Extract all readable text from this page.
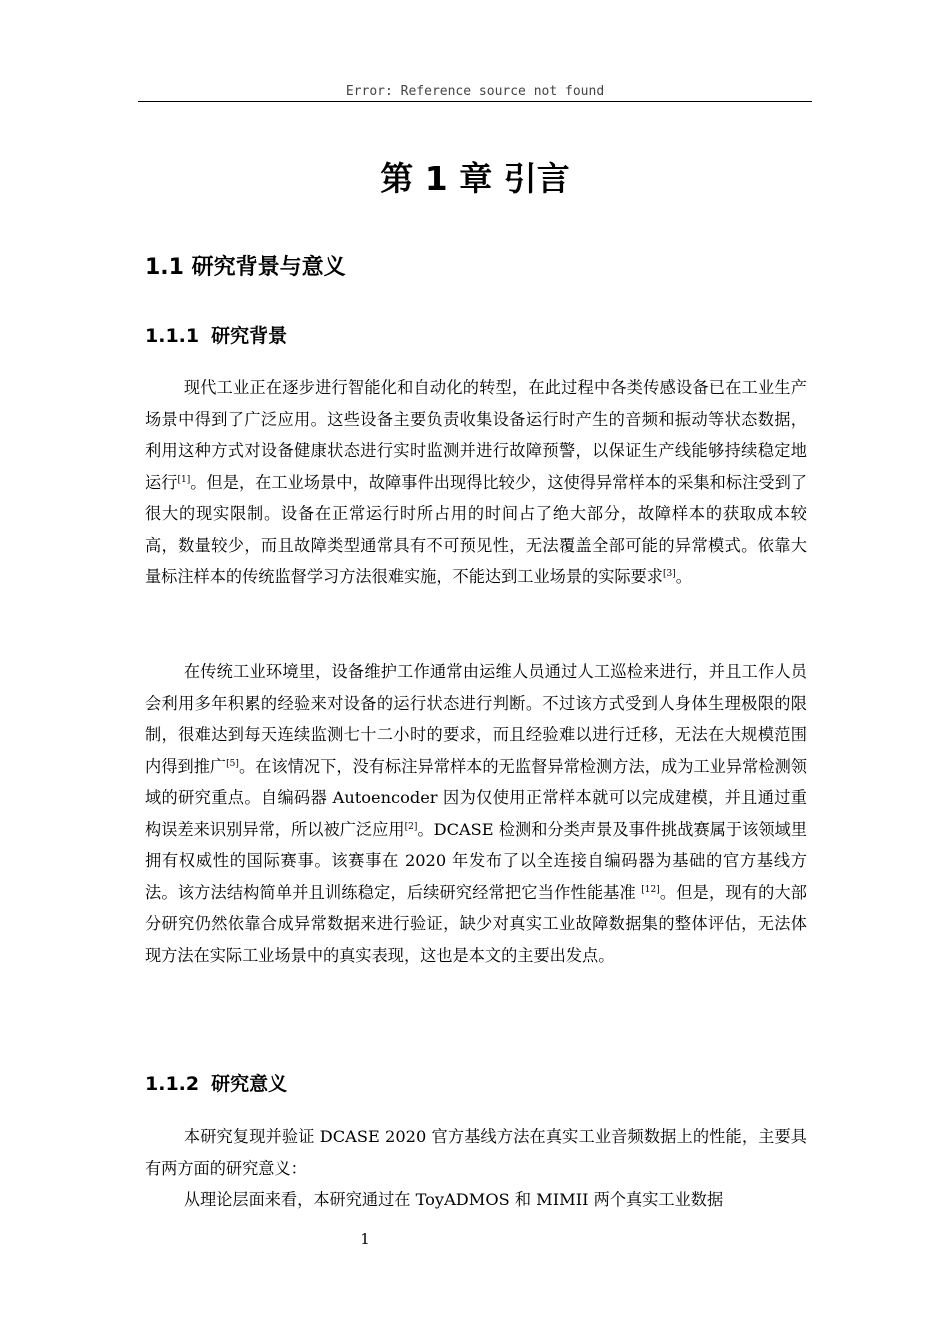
Error: Reference source not found
第 1 章 引言
1.1 研究背景与意义
1.1.1 研究背景

现代工业正在逐步进行智能化和自动化的转型，在此过程中各类传感设备已在工业生产场景中得到了广泛应用。这些设备主要负责收集设备运行时产生的音频和振动等状态数据，利用这种方式对设备健康状态进行实时监测并进行故障预警，以保证生产线能够持续稳定地运行[1]。但是，在工业场景中，故障事件出现得比较少，这使得异常样本的采集和标注受到了很大的现实限制。设备在正常运行时所占用的时间占了绝大部分，故障样本的获取成本较高，数量较少，而且故障类型通常具有不可预见性，无法覆盖全部可能的异常模式。依靠大量标注样本的传统监督学习方法很难实施，不能达到工业场景的实际要求[3]。

在传统工业环境里，设备维护工作通常由运维人员通过人工巡检来进行，并且工作人员会利用多年积累的经验来对设备的运行状态进行判断。不过该方式受到人身体生理极限的限制，很难达到每天连续监测七十二小时的要求，而且经验难以进行迁移，无法在大规模范围内得到推广[5]。在该情况下，没有标注异常样本的无监督异常检测方法，成为工业异常检测领域的研究重点。自编码器 Autoencoder 因为仅使用正常样本就可以完成建模，并且通过重构误差来识别异常，所以被广泛应用[2]。DCASE 检测和分类声景及事件挑战赛属于该领域里拥有权威性的国际赛事。该赛事在 2020 年发布了以全连接自编码器为基础的官方基线方法。该方法结构简单并且训练稳定，后续研究经常把它当作性能基准 [12]。但是，现有的大部分研究仍然依靠合成异常数据来进行验证，缺少对真实工业故障数据集的整体评估，无法体现方法在实际工业场景中的真实表现，这也是本文的主要出发点。

1.1.2 研究意义

本研究复现并验证 DCASE 2020 官方基线方法在真实工业音频数据上的性能，主要具有两方面的研究意义：

从理论层面来看，本研究通过在 ToyADMOS 和 MIMII 两个真实工业数据

1
